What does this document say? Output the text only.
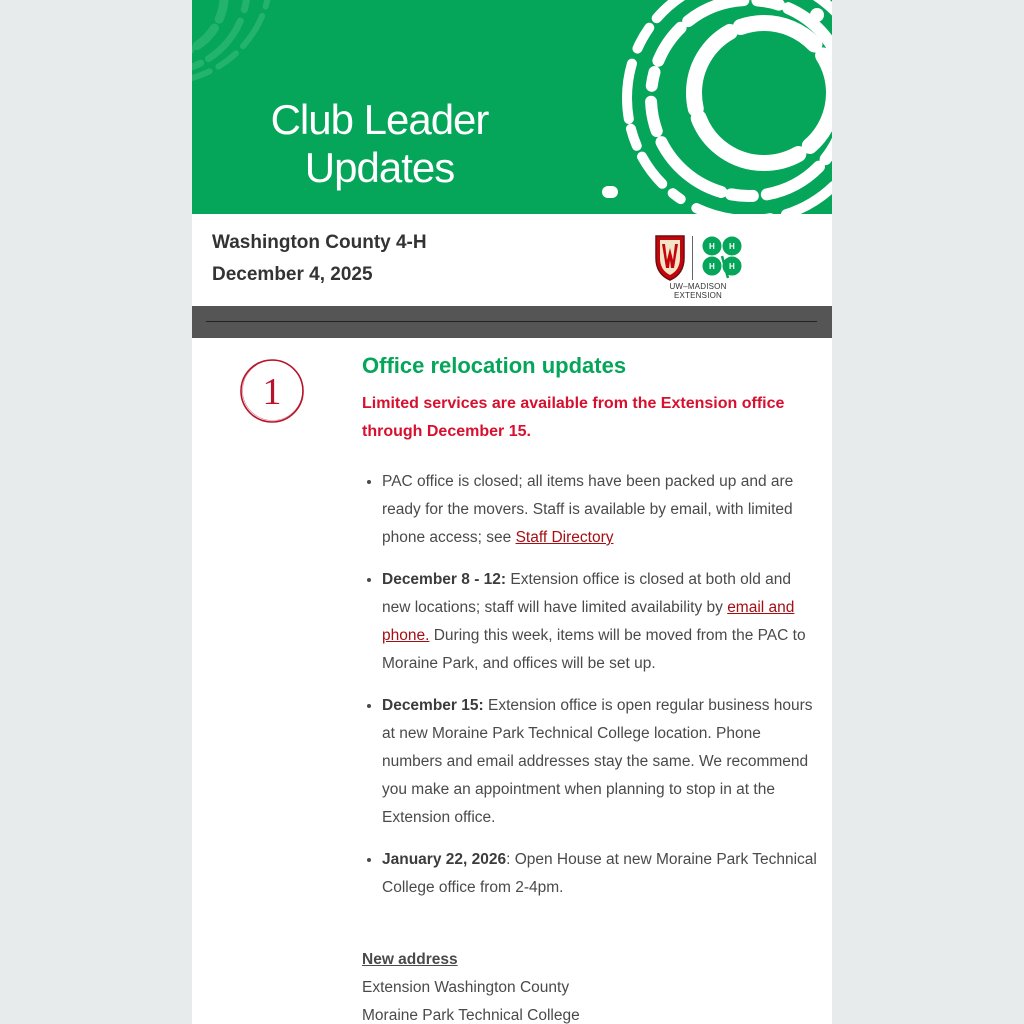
Club Leader
Updates
Washington County 4-H
December 4, 2025
H H
H H
UW–MADISON EXTENSION
1
Office relocation updates

Limited services are available from the Extension office through December 15.

• PAC office is closed; all items have been packed up and are ready for the movers. Staff is available by email, with limited phone access; see Staff Directory
• December 8 - 12: Extension office is closed at both old and new locations; staff will have limited availability by email and phone. During this week, items will be moved from the PAC to Moraine Park, and offices will be set up.
• December 15: Extension office is open regular business hours at new Moraine Park Technical College location. Phone numbers and email addresses stay the same. We recommend you make an appointment when planning to stop in at the Extension office.
• January 22, 2026: Open House at new Moraine Park Technical College office from 2-4pm.
New address
Extension Washington County
Moraine Park Technical College
